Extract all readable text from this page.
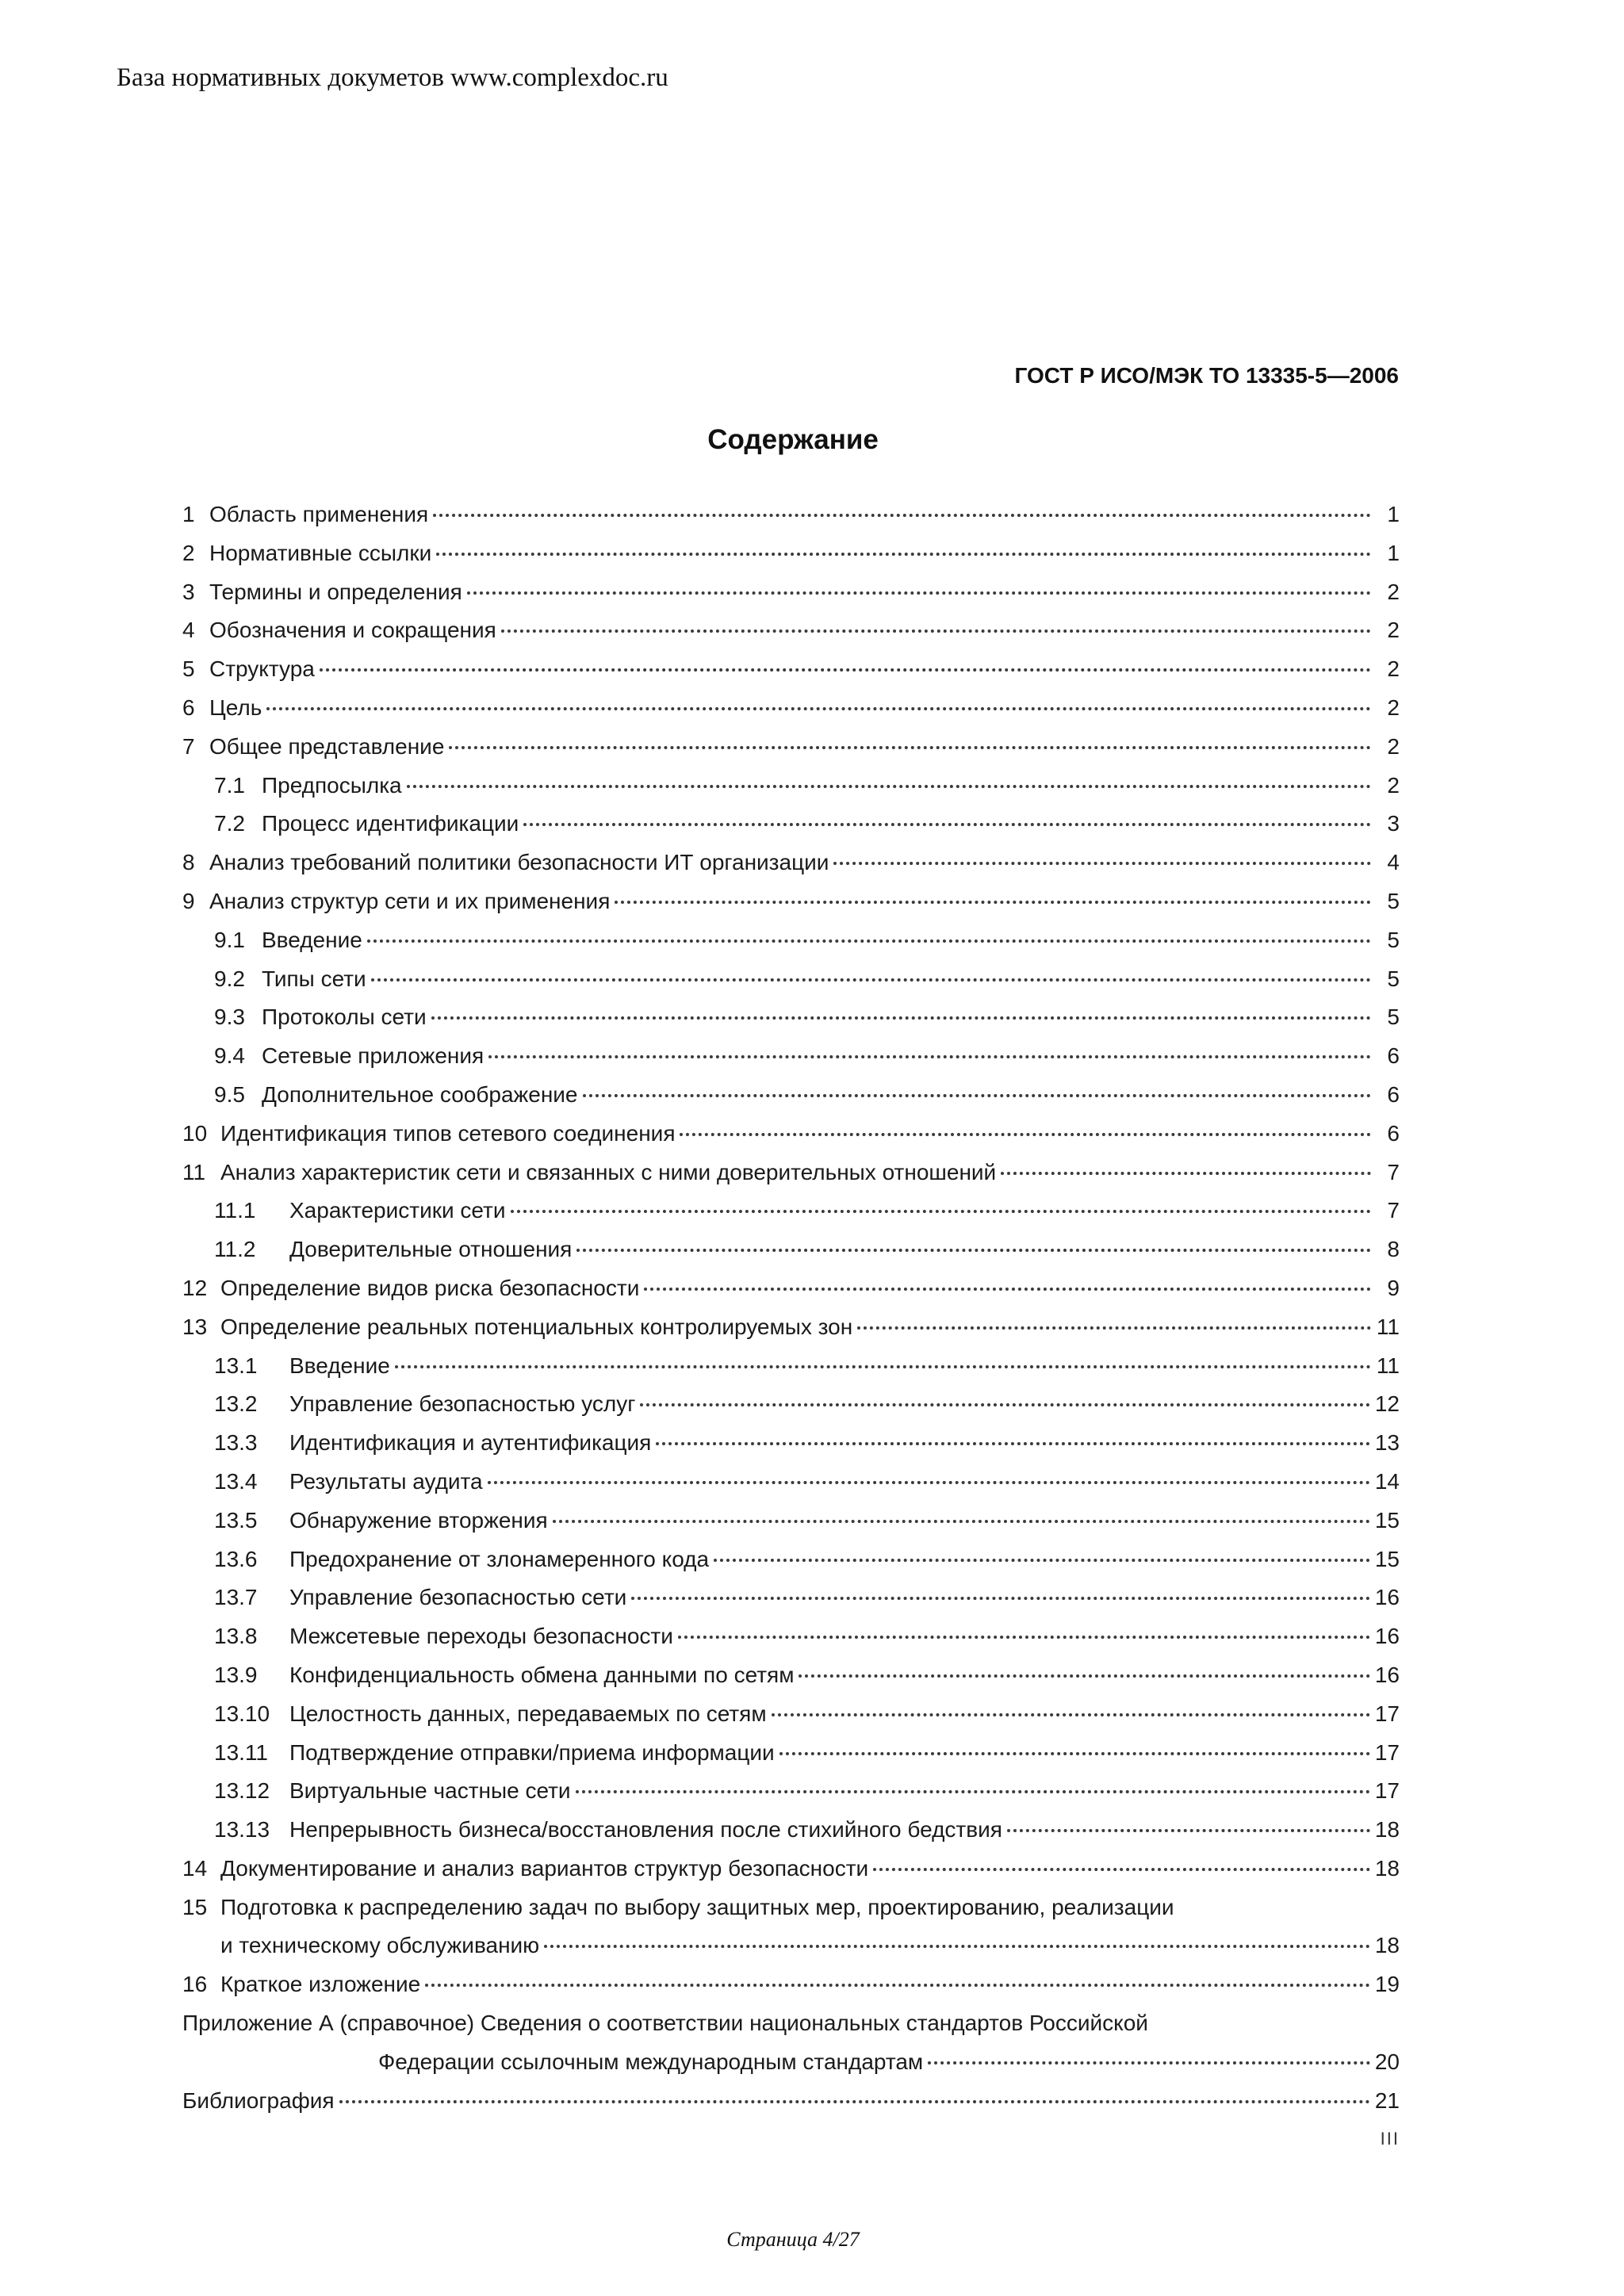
База нормативных докуметов www.complexdoc.ru
ГОСТ Р ИСО/МЭК ТО 13335-5—2006
Содержание
1 Область применения	1
2 Нормативные ссылки	1
3 Термины и определения	2
4 Обозначения и сокращения	2
5 Структура	2
6 Цель	2
7 Общее представление	2
7.1 Предпосылка	2
7.2 Процесс идентификации	3
8 Анализ требований политики безопасности ИТ организации	4
9 Анализ структур сети и их применения	5
9.1 Введение	5
9.2 Типы сети	5
9.3 Протоколы сети	5
9.4 Сетевые приложения	6
9.5 Дополнительное соображение	6
10 Идентификация типов сетевого соединения	6
11 Анализ характеристик сети и связанных с ними доверительных отношений	7
11.1 Характеристики сети	7
11.2 Доверительные отношения	8
12 Определение видов риска безопасности	9
13 Определение реальных потенциальных контролируемых зон	11
13.1 Введение	11
13.2 Управление безопасностью услуг	12
13.3 Идентификация и аутентификация	13
13.4 Результаты аудита	14
13.5 Обнаружение вторжения	15
13.6 Предохранение от злонамеренного кода	15
13.7 Управление безопасностью сети	16
13.8 Межсетевые переходы безопасности	16
13.9 Конфиденциальность обмена данными по сетям	16
13.10 Целостность данных, передаваемых по сетям	17
13.11 Подтверждение отправки/приема информации	17
13.12 Виртуальные частные сети	17
13.13 Непрерывность бизнеса/восстановления после стихийного бедствия	18
14 Документирование и анализ вариантов структур безопасности	18
15 Подготовка к распределению задач по выбору защитных мер, проектированию, реализации
и техническому обслуживанию	18
16 Краткое изложение	19
Приложение А (справочное) Сведения о соответствии национальных стандартов Российской
Федерации ссылочным международным стандартам	20
Библиография	21
III
Страница 4/27
